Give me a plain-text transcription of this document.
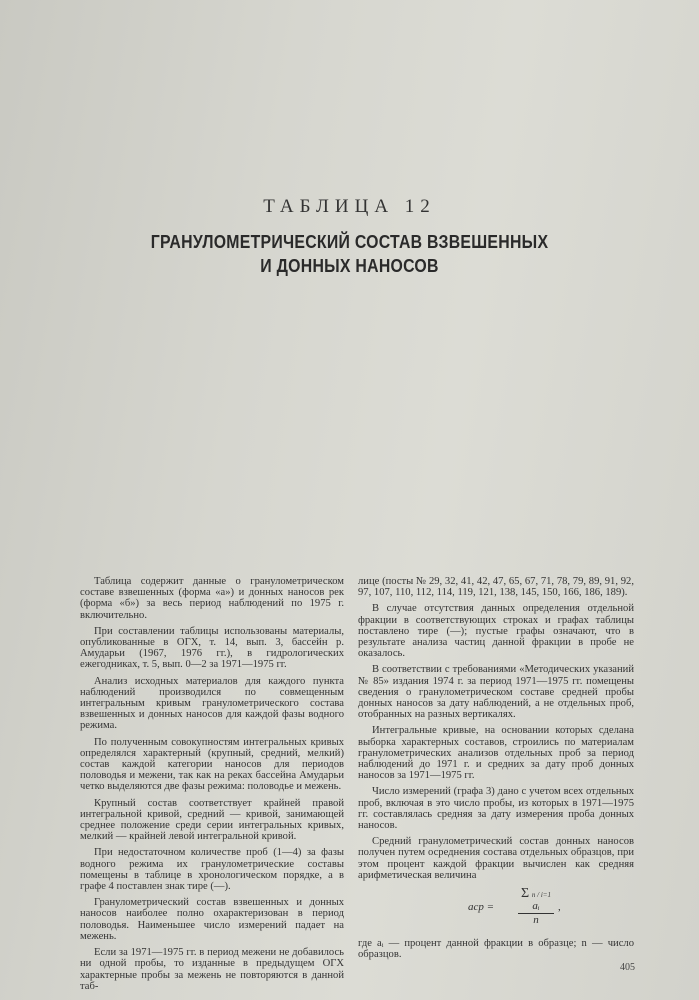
ТАБЛИЦА 12
ГРАНУЛОМЕТРИЧЕСКИЙ СОСТАВ ВЗВЕШЕННЫХ
И ДОННЫХ НАНОСОВ

Таблица содержит данные о гранулометрическом составе взвешенных (форма «а») и донных наносов рек (форма «б») за весь период наблюдений по 1975 г. включительно.

При составлении таблицы использованы материалы, опубликованные в ОГХ, т. 14, вып. 3, бассейн р. Амударьи (1967, 1976 гг.), в гидрологических ежегодниках, т. 5, вып. 0—2 за 1971—1975 гг.

Анализ исходных материалов для каждого пункта наблюдений производился по совмещенным интегральным кривым гранулометрического состава взвешенных и донных наносов для каждой фазы водного режима.

По полученным совокупностям интегральных кривых определялся характерный (крупный, средний, мелкий) состав каждой категории наносов для периодов половодья и межени, так как на реках бассейна Амударьи четко выделяются две фазы режима: половодье и межень.

Крупный состав соответствует крайней правой интегральной кривой, средний — кривой, занимающей среднее положение среди серии интегральных кривых, мелкий — крайней левой интегральной кривой.

При недостаточном количестве проб (1—4) за фазы водного режима их гранулометрические составы помещены в таблице в хронологическом порядке, а в графе 4 поставлен знак тире (—).

Гранулометрический состав взвешенных и донных наносов наиболее полно охарактеризован в период половодья. Наименьшее число измерений падает на межень.

Если за 1971—1975 гг. в период межени не добавилось ни одной пробы, то изданные в предыдущем ОГХ характерные пробы за межень не повторяются в данной таб-

лице (посты № 29, 32, 41, 42, 47, 65, 67, 71, 78, 79, 89, 91, 92, 97, 107, 110, 112, 114, 119, 121, 138, 145, 150, 166, 186, 189).

В случае отсутствия данных определения отдельной фракции в соответствующих строках и графах таблицы поставлено тире (—); пустые графы означают, что в результате анализа частиц данной фракции в пробе не оказалось.

В соответствии с требованиями «Методических указаний № 85» издания 1974 г. за период 1971—1975 гг. помещены сведения о гранулометрическом составе средней пробы донных наносов за дату наблюдений, а не отдельных проб, отобранных на разных вертикалях.

Интегральные кривые, на основании которых сделана выборка характерных составов, строились по материалам гранулометрических анализов отдельных проб за период наблюдений до 1971 г. и средних за дату проб донных наносов за 1971—1975 гг.

Число измерений (графа 3) дано с учетом всех отдельных проб, включая в это число пробы, из которых в 1971—1975 гг. составлялась средняя за дату измерения проба донных наносов.

Средний гранулометрический состав донных наносов получен путем осреднения состава отдельных образцов, при этом процент каждой фракции вычислен как средняя арифметическая величина

aср = $\frac{\text{Σ n / i=1 aᵢ}}{n}$ ,

где aᵢ — процент данной фракции в образце; n — число образцов.

405
